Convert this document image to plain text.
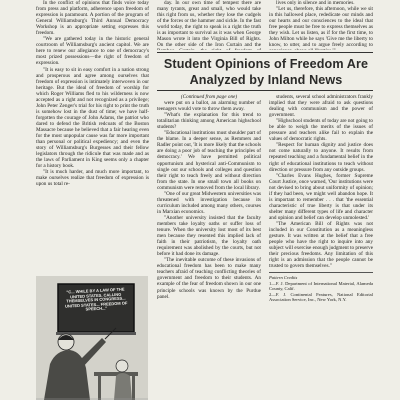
In the conflict of opinions that finds voice today from press and platform, adherence upon freedom of expression is paramount. A portion of the program of General Williamsburg's Third Annual Democracy Workshop is an appropriate setting expresses this freedom.

"We are gathered today in the historic general courtroom of Williamsburg's ancient capitol. We are here to renew our allegiance to one of democracy's most prized possessions—the right of freedom of expression.

"It is easy to sit in easy comfort in a nation strong and prosperous and agree among ourselves that freedom of expression is intimately interwoven in our heritage. But the ideal of freedom of worship for which Roger Williams fled to his wilderness is now accepted as a right and not recognized as a privilege; John Peter Zenger's trial for his right to print the truth is somehow lost in the dust of time; we have half-forgotten the courage of John Adams, the patriot who dared to defend the British redcoats of the Boston Massacre because he believed that a fair hearing even for the most unpopular cause was far more important than personal or political expediency; and even the story of Williamsburg's Burgesses and their fellow legislators through the ridicule that was made and as the laws of Parliament in King seems only a chapter for a history book.

"It is much harder, and much more important, to make ourselves realize that freedom of expression is upon us total re-

day. In our own time of tempest there are many tyrants, great and small, who would take this right from us, whether they lose the cudgels of the forces or the hammer and sickle. In the fast world today, the right to speak is a right the truth is as important to survival as it was when George Mason wrote it into the Virginia Bill of Rights. On the other side of the Iron Curtain and the

lives only in silence and in memories.

"Let us, therefore, this afternoon, while we sit in this hallowed place, rededicate our minds and our hearts and our consciences to the ideal that free people must be free to express themselves as they wish. Let us listen, as if for the first time, to John Milton while he says 'Give me the liberty to know, to utter, and to argue freely according to

Student Opinions of Freedom Are Analyzed by Inland News

(Continued from page one)

were put on a ballot, an alarming number of teenagers would vote to throw them away.

"What's the explanation for this trend to totalitarian thinking among American highschool students?

"Educational institutions must shoulder part of the blame. In a deeper sense, as Remmers and Radler point out, 'It is more likely that the schools are doing a poor job of teaching the principles of democracy.' We have permitted political opportunism and hysterical anti-Communism to single out our schools and colleges and question their right to teach freely and without direction from the state. In one small town all books on communism were removed from the local library.

"One of our great Midwestern universities was threatened with investigation because its curriculum included among many others, courses in Marxian economics.

"Another university insisted that the faculty members take loyalty oaths or suffer loss of tenure. When the university lost most of its best men because they resented this implied lack of faith in their patriotism, the loyalty oath requirement was abolished by the courts, but not before it had done its damage.

"The inevitable outcome of these invasions of educational freedom has been to make many teachers afraid of teaching conflicting theories of government and freedom to their students. An example of the fear of freedom shown in our one principle schools was known by the Purdue panel.

students, several school administrators frankly implied that they were afraid to ask questions dealing with communism and the power of government.

"Highschool students of today are not going to be able to weigh the merits of the issues of pressure and teachers alike fail to explain the values of democratic rights.

"Respect for human dignity and justice does not come naturally to anyone. It results from repeated teaching and a fundamental belief in the right of educational institutions to teach without direction or pressure from any outside groups.

"Charles Evans Hughes, former Supreme Court Justice, once warned, 'Our institutions were not devised to bring about uniformity of opinion; if they had been, we might well abandon hope. It is important to remember . . . that 'the essential characteristic of true liberty is that under its shelter many different types of life and character and opinion and belief can develop unmolested.'

"The American Bill of Rights was not included in our Constitution as a meaningless gesture. It was written at the belief that a free people who have the right to inquire into any subject will exercise enough judgment to preserve their precious freedoms. Any limitation of this right is an admission that the people cannot be trusted to govern themselves."

Pattern Credits

1—F. J. Department of International Material, Alameda County, Calif.

2—F. J. Continental Features, National Editorial Association Service, Inc., New York, N.Y.

"C... WHILE BY A LAW OF THE UNITED STATES, CALLING THEMSELVES IN CONGRESS... UNITED STATES... FREEDOM OF SPEECH..."
